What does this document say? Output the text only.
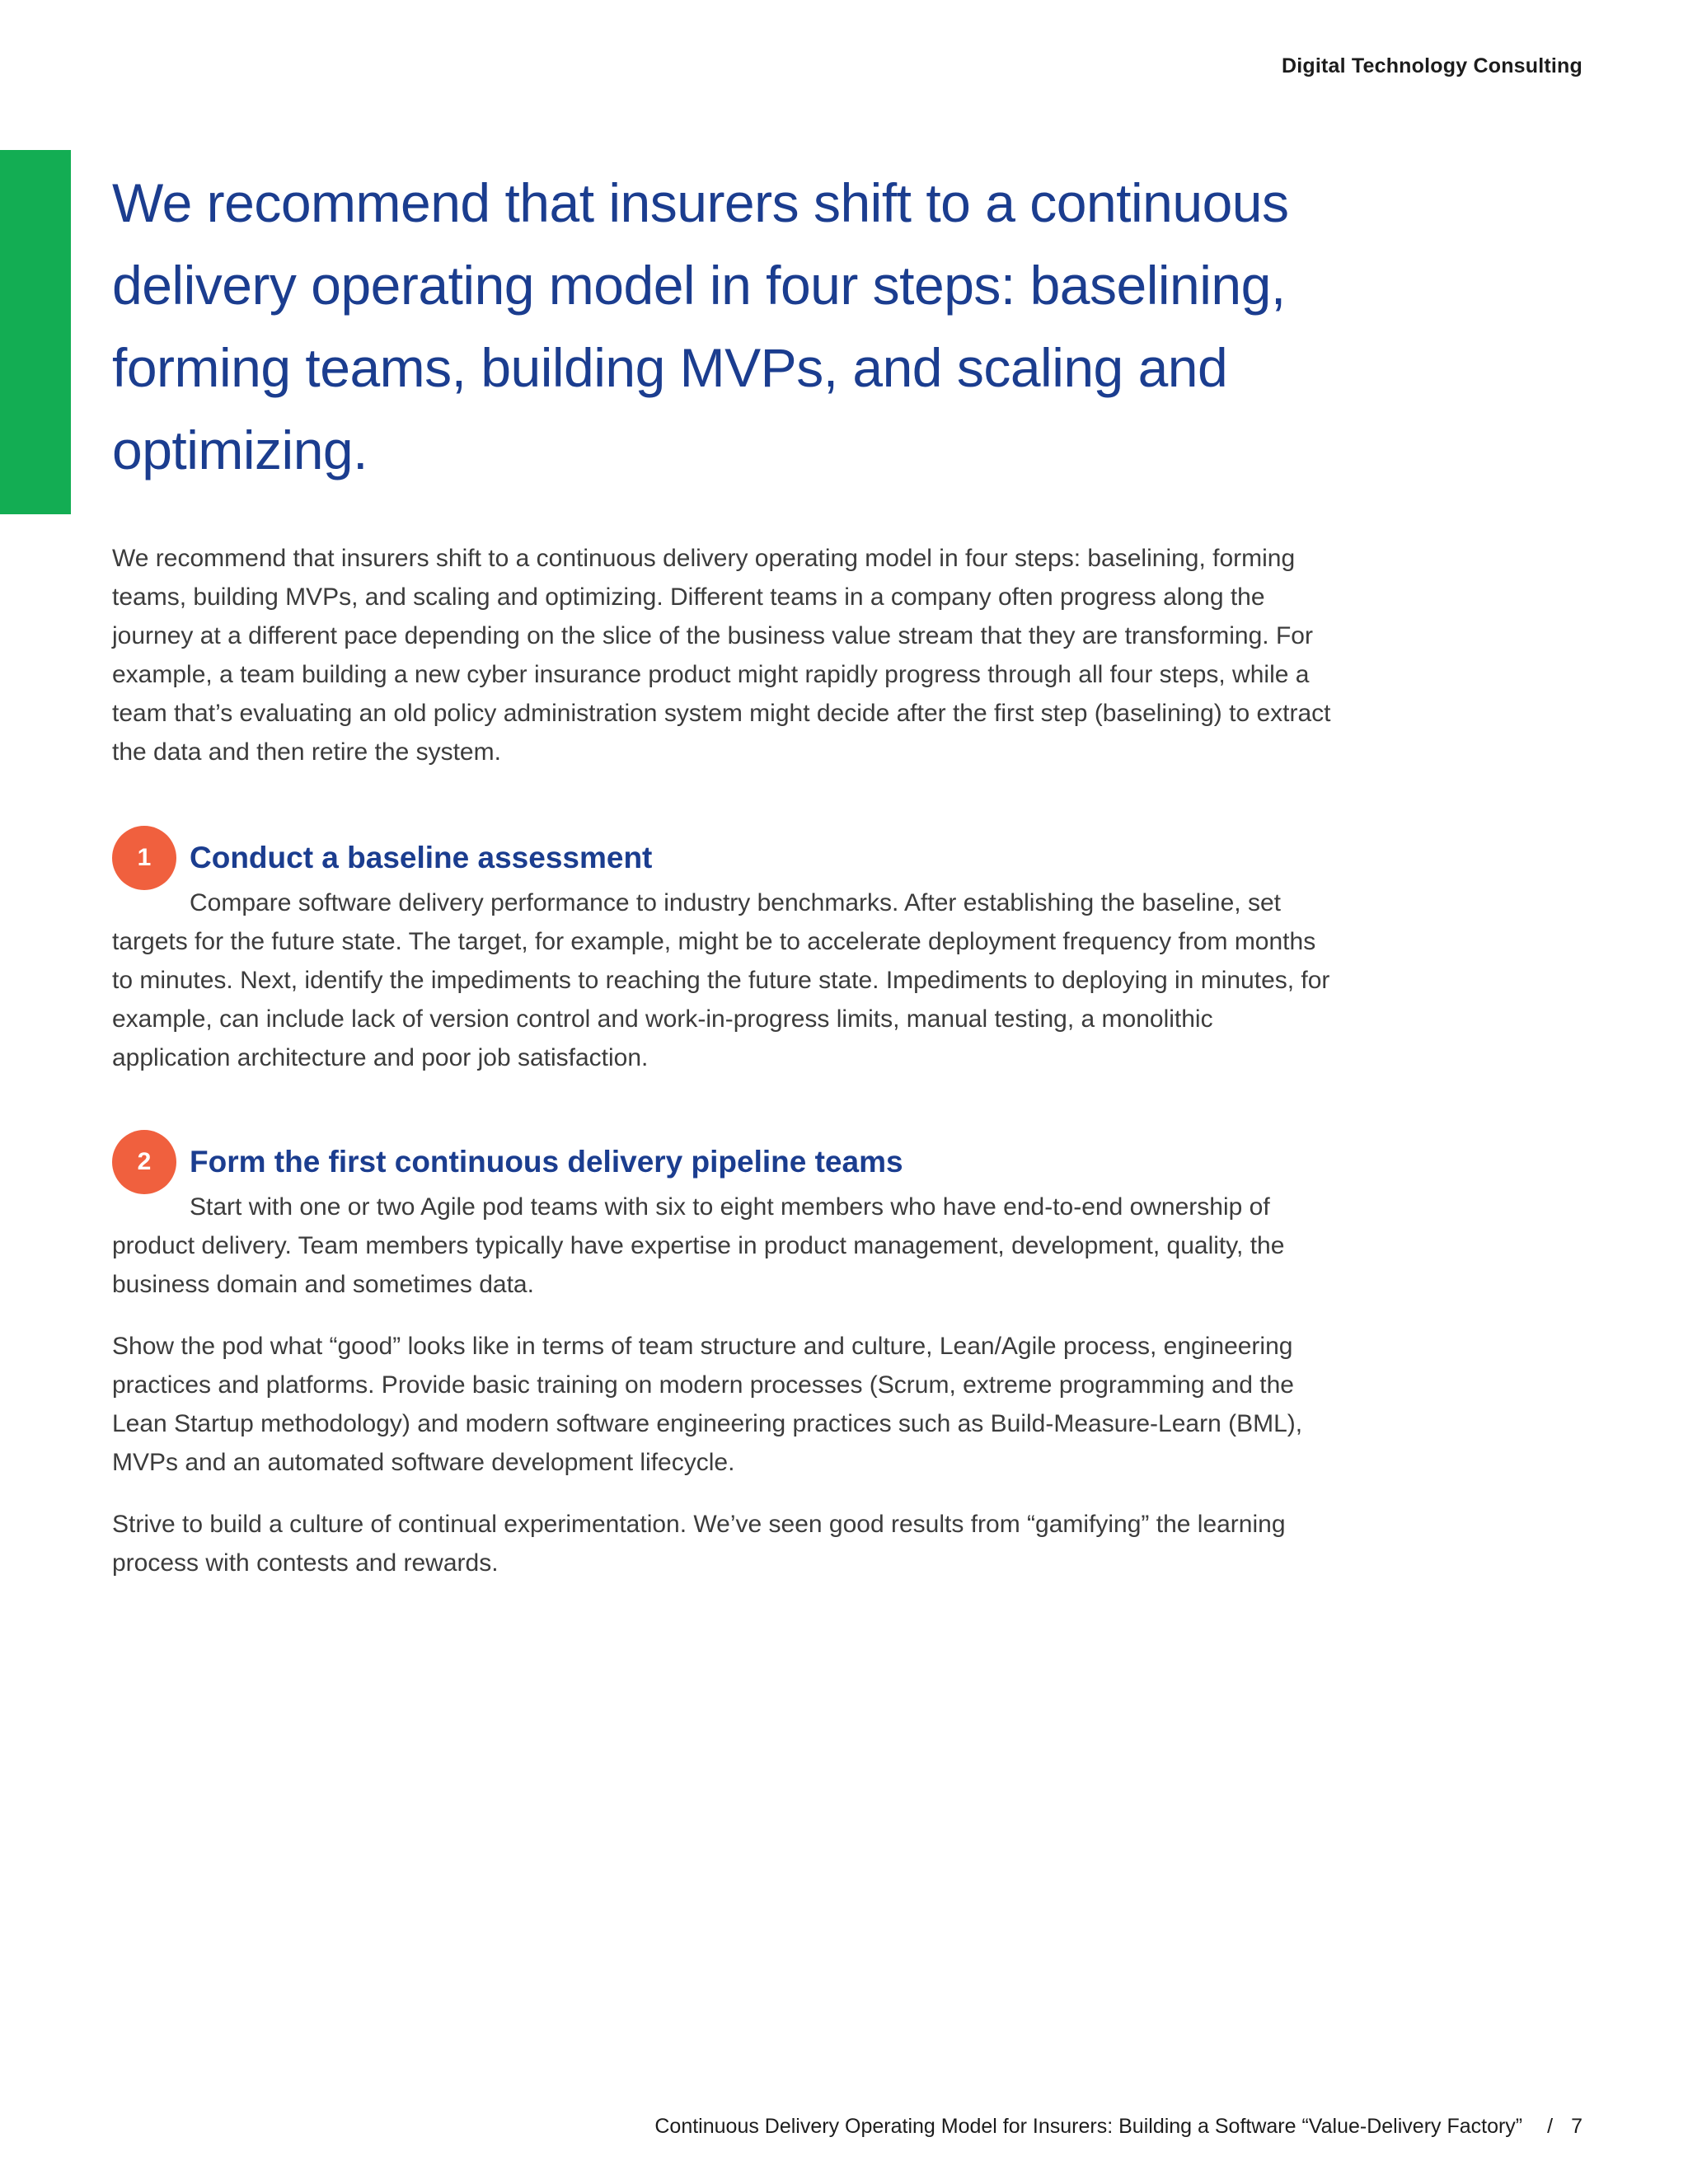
Digital Technology Consulting
We recommend that insurers shift to a continuous delivery operating model in four steps: baselining, forming teams, building MVPs, and scaling and optimizing.

We recommend that insurers shift to a continuous delivery operating model in four steps: baselining, forming teams, building MVPs, and scaling and optimizing. Different teams in a company often progress along the journey at a different pace depending on the slice of the business value stream that they are transforming. For example, a team building a new cyber insurance product might rapidly progress through all four steps, while a team that’s evaluating an old policy administration system might decide after the first step (baselining) to extract the data and then retire the system.

1	Conduct a baseline assessment

Compare software delivery performance to industry benchmarks. After establishing the baseline, set targets for the future state. The target, for example, might be to accelerate deployment frequency from months to minutes. Next, identify the impediments to reaching the future state. Impediments to deploying in minutes, for example, can include lack of version control and work-in-progress limits, manual testing, a monolithic application architecture and poor job satisfaction.

2	Form the first continuous delivery pipeline teams

Start with one or two Agile pod teams with six to eight members who have end-to-end ownership of product delivery. Team members typically have expertise in product management, development, quality, the business domain and sometimes data.

Show the pod what “good” looks like in terms of team structure and culture, Lean/Agile process, engineering practices and platforms. Provide basic training on modern processes (Scrum, extreme programming and the Lean Startup methodology) and modern software engineering practices such as Build-Measure-Learn (BML), MVPs and an automated software development lifecycle.

Strive to build a culture of continual experimentation. We’ve seen good results from “gamifying” the learning process with contests and rewards.

Continuous Delivery Operating Model for Insurers: Building a Software “Value-Delivery Factory” / 7
